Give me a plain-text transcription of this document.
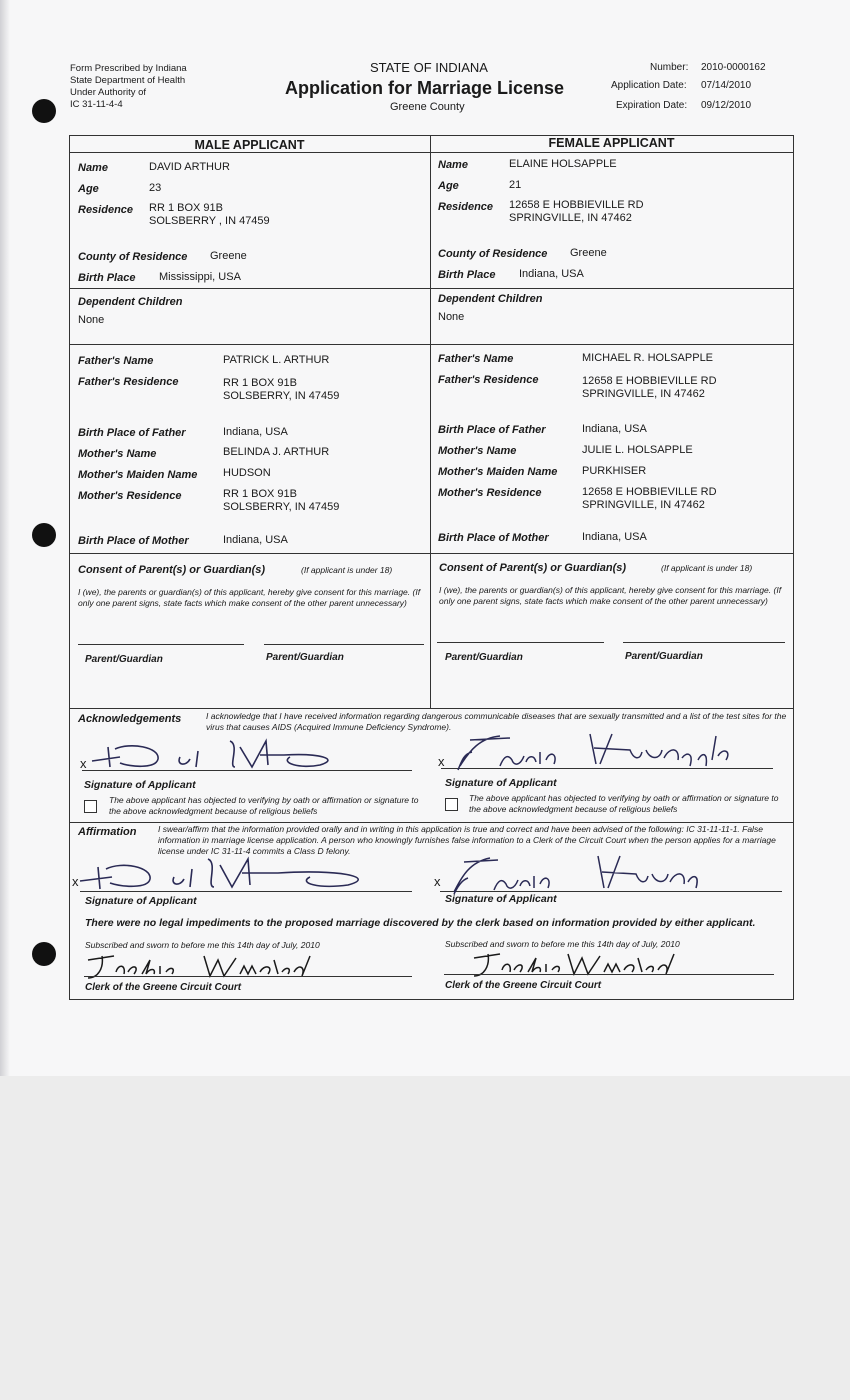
Form Prescribed by Indiana
State Department of Health
Under Authority of
IC 31-11-4-4
STATE OF INDIANA
Application for Marriage License
Greene County
Number: 2010-0000162
Application Date: 07/14/2010
Expiration Date: 09/12/2010
MALE APPLICANT	FEMALE APPLICANT
Name	DAVID ARTHUR
Age	23
Residence RR 1 BOX 91B
SOLSBERRY , IN 47459
County of Residence Greene
Birth Place Mississippi, USA
Dependent Children
None
Father's Name	PATRICK L. ARTHUR
Father's Residence	RR 1 BOX 91B
SOLSBERRY, IN 47459
Birth Place of Father	Indiana, USA
Mother's Name	BELINDA J. ARTHUR
Mother's Maiden Name HUDSON
Mother's Residence	RR 1 BOX 91B
SOLSBERRY, IN 47459
Birth Place of Mother	Indiana, USA
Name	ELAINE HOLSAPPLE
Age	21
Residence 12658 E HOBBIEVILLE RD
SPRINGVILLE, IN 47462
County of Residence Greene
Birth Place Indiana, USA
Dependent Children
None
Father's Name	MICHAEL R. HOLSAPPLE
Father's Residence	12658 E HOBBIEVILLE RD
SPRINGVILLE, IN 47462
Birth Place of Father	Indiana, USA
Mother's Name	JULIE L. HOLSAPPLE
Mother's Maiden Name PURKHISER
Mother's Residence	12658 E HOBBIEVILLE RD
SPRINGVILLE, IN 47462
Birth Place of Mother	Indiana, USA
Consent of Parent(s) or Guardian(s)	(If applicant is under 18)
I (we), the parents or guardian(s) of this applicant, hereby give consent for this marriage. (If only one parent signs, state facts which make consent of the other parent unnecessary)
Parent/Guardian	Parent/Guardian
Consent of Parent(s) or Guardian(s)	(If applicant is under 18)
I (we), the parents or guardian(s) of this applicant, hereby give consent for this marriage. (If only one parent signs, state facts which make consent of the other parent unnecessary)
Parent/Guardian	Parent/Guardian
Acknowledgements	I acknowledge that I have received information regarding dangerous communicable diseases that are sexually transmitted and a list of the test sites for the virus that causes AIDS (Acquired Immune Deficiency Syndrome).
x
Signature of Applicant
The above applicant has objected to verifying by oath or affirmation or signature to the above acknowledgment because of religious beliefs
x
Signature of Applicant
The above applicant has objected to verifying by oath or affirmation or signature to the above acknowledgment because of religious beliefs
Affirmation	I swear/affirm that the information provided orally and in writing in this application is true and correct and have been advised of the following: IC 31-11-11-1. False information in marriage license application. A person who knowingly furnishes false information to a Clerk of the Circuit Court when the person applies for a marriage license under IC 31-11-4 commits a Class D felony.
x
Signature of Applicant
x
Signature of Applicant
There were no legal impediments to the proposed marriage discovered by the clerk based on information provided by either applicant.
Subscribed and sworn to before me this 14th day of July, 2010	Subscribed and sworn to before me this 14th day of July, 2010
Clerk of the Greene Circuit Court	Clerk of the Greene Circuit Court
